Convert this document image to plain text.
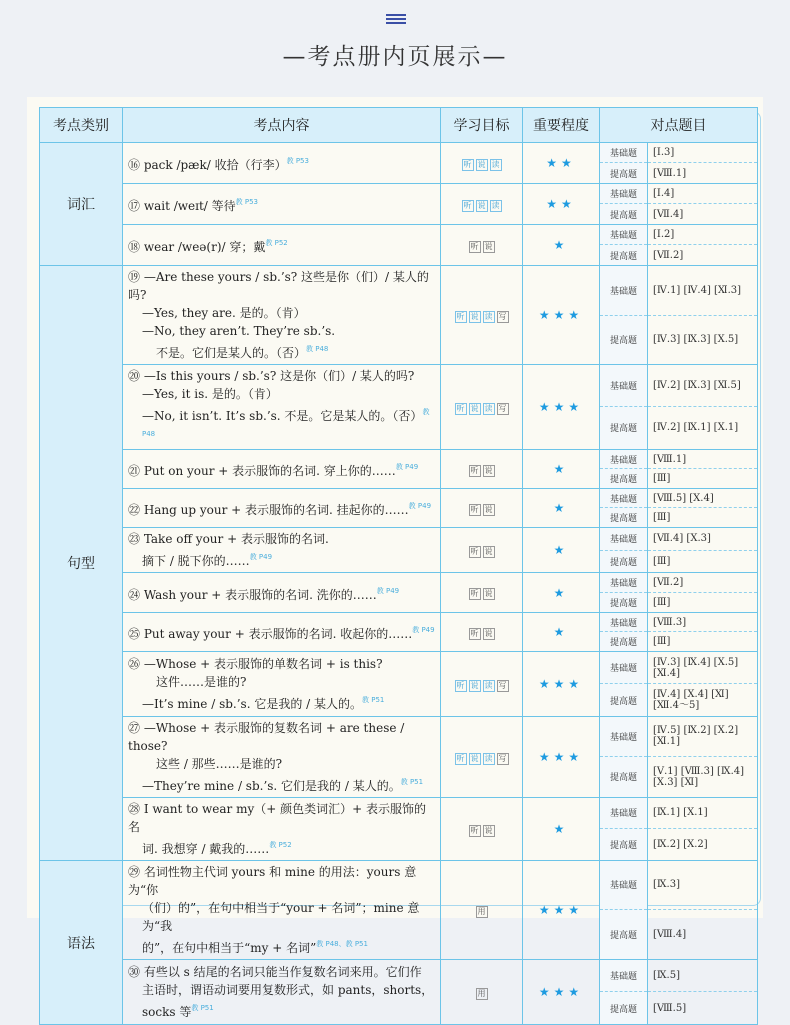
—考点册内页展示—
考点类别	考点内容	学习目标	重要程度	对点题目	
词汇	⑯ pack /pæk/ 收拾（行李）$^{教 P53}$	听 说 读	★★	基础题	[Ⅰ.3]
				提高题	[Ⅷ.1]

	⑰ wait /weɪt/ 等待$^{教 P53}$	听 说 读	★★	基础题	[Ⅰ.4]
				提高题	[Ⅶ.4]

	⑱ wear /weə(r)/ 穿；戴$^{教 P52}$	听 说	★	基础题	[Ⅰ.2]
				提高题	[Ⅶ.2]
句型	⑲ —Are these yours / sb.’s? 这些是你（们）/ 某人的吗?
—Yes, they are. 是的。（肯）
—No, they aren’t. They’re sb.’s.
不是。它们是某人的。（否）$^{教 P48}$	听 说 读 写	★★★	基础题	[Ⅳ.1] [Ⅳ.4] [Ⅺ.3]
				提高题	[Ⅳ.3] [Ⅸ.3] [Ⅹ.5]

	⑳ —Is this yours / sb.’s? 这是你（们）/ 某人的吗?
—Yes, it is. 是的。（肯）
—No, it isn’t. It’s sb.’s. 不是。它是某人的。（否）$^{教 P48}$	听 说 读 写	★★★	基础题	[Ⅳ.2] [Ⅸ.3] [Ⅺ.5]
				提高题	[Ⅳ.2] [Ⅸ.1] [Ⅹ.1]

	㉑ Put on your + 表示服饰的名词. 穿上你的……$^{教 P49}$	听 说	★	基础题	[Ⅷ.1]
				提高题	[Ⅲ]

	㉒ Hang up your + 表示服饰的名词. 挂起你的……$^{教 P49}$	听 说	★	基础题	[Ⅷ.5] [Ⅹ.4]
				提高题	[Ⅲ]

	㉓ Take off your + 表示服饰的名词.
摘下 / 脱下你的……$^{教 P49}$	听 说	★	基础题	[Ⅶ.4] [Ⅹ.3]
				提高题	[Ⅲ]

	㉔ Wash your + 表示服饰的名词. 洗你的……$^{教 P49}$	听 说	★	基础题	[Ⅶ.2]
				提高题	[Ⅲ]

	㉕ Put away your + 表示服饰的名词. 收起你的……$^{教 P49}$	听 说	★	基础题	[Ⅷ.3]
				提高题	[Ⅲ]

	㉖ —Whose + 表示服饰的单数名词 + is this?
这件……是谁的?
—It’s mine / sb.’s. 它是我的 / 某人的。$^{教 P51}$	听 说 读 写	★★★	基础题	[Ⅳ.3] [Ⅸ.4] [Ⅹ.5] [Ⅺ.4]
				提高题	[Ⅳ.4] [Ⅹ.4] [Ⅺ] [Ⅻ.4～5]

	㉗ —Whose + 表示服饰的复数名词 + are these / those?
这些 / 那些……是谁的?
—They’re mine / sb.’s. 它们是我的 / 某人的。$^{教 P51}$	听 说 读 写	★★★	基础题	[Ⅳ.5] [Ⅸ.2] [Ⅹ.2] [Ⅺ.1]
				提高题	[Ⅴ.1] [Ⅷ.3] [Ⅸ.4] [Ⅹ.3] [Ⅺ]

	㉘ I want to wear my（+ 颜色类词汇）+ 表示服饰的名
词. 我想穿 / 戴我的……$^{教 P52}$	听 说	★	基础题	[Ⅸ.1] [Ⅹ.1]
				提高题	[Ⅸ.2] [Ⅹ.2]
语法	㉙ 名词性物主代词 yours 和 mine 的用法：yours 意为“你
（们）的”，在句中相当于“your + 名词”；mine 意为“我
的”，在句中相当于“my + 名词”$^{教 P48、教 P51}$	用	★★★	基础题	[Ⅸ.3]
				提高题	[Ⅷ.4]

	㉚ 有些以 s 结尾的名词只能当作复数名词来用。它们作
主语时，谓语动词要用复数形式，如 pants，shorts，
socks 等$^{教 P51}$	用	★★★	基础题	[Ⅸ.5]
				提高题	[Ⅷ.5]
